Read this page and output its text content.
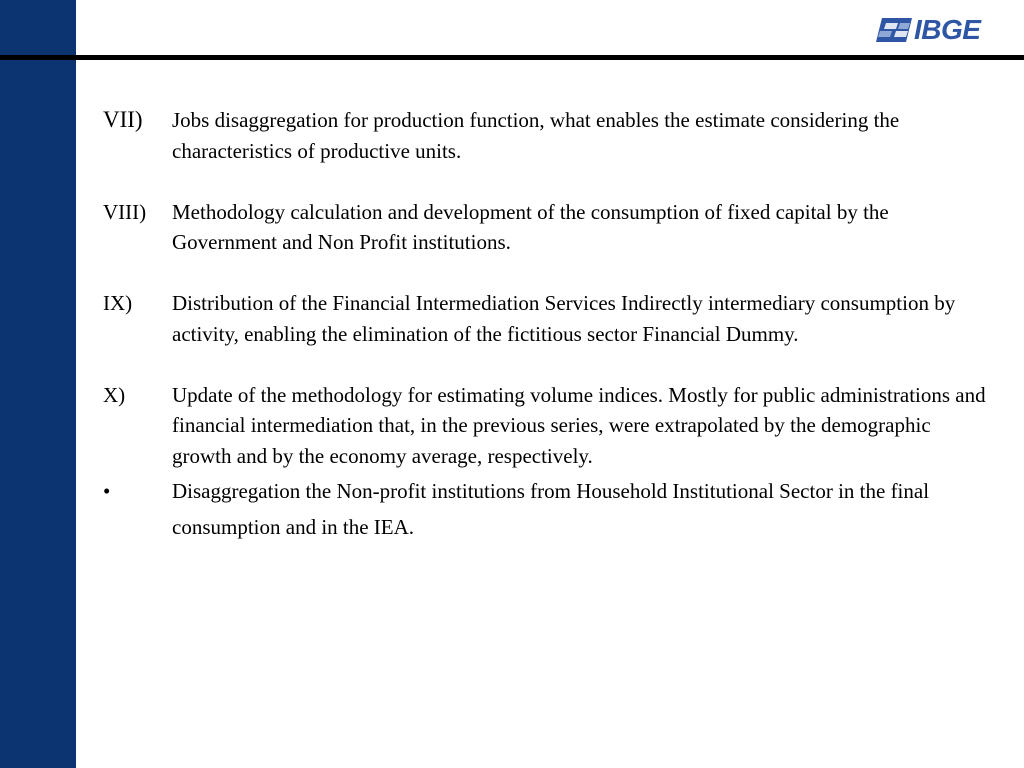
IBGE
VII) Jobs disaggregation for production function, what enables the estimate considering the characteristics of productive units.
VIII) Methodology calculation and development of the consumption of fixed capital by the Government and Non Profit institutions.
IX) Distribution of the Financial Intermediation Services Indirectly intermediary consumption by activity, enabling the elimination of the fictitious sector Financial Dummy.
X) Update of the methodology for estimating volume indices. Mostly for public administrations and financial intermediation that, in the previous series, were extrapolated by the demographic growth and by the economy average, respectively.
•	Disaggregation the Non-profit institutions from Household Institutional Sector in the final consumption and in the IEA.
